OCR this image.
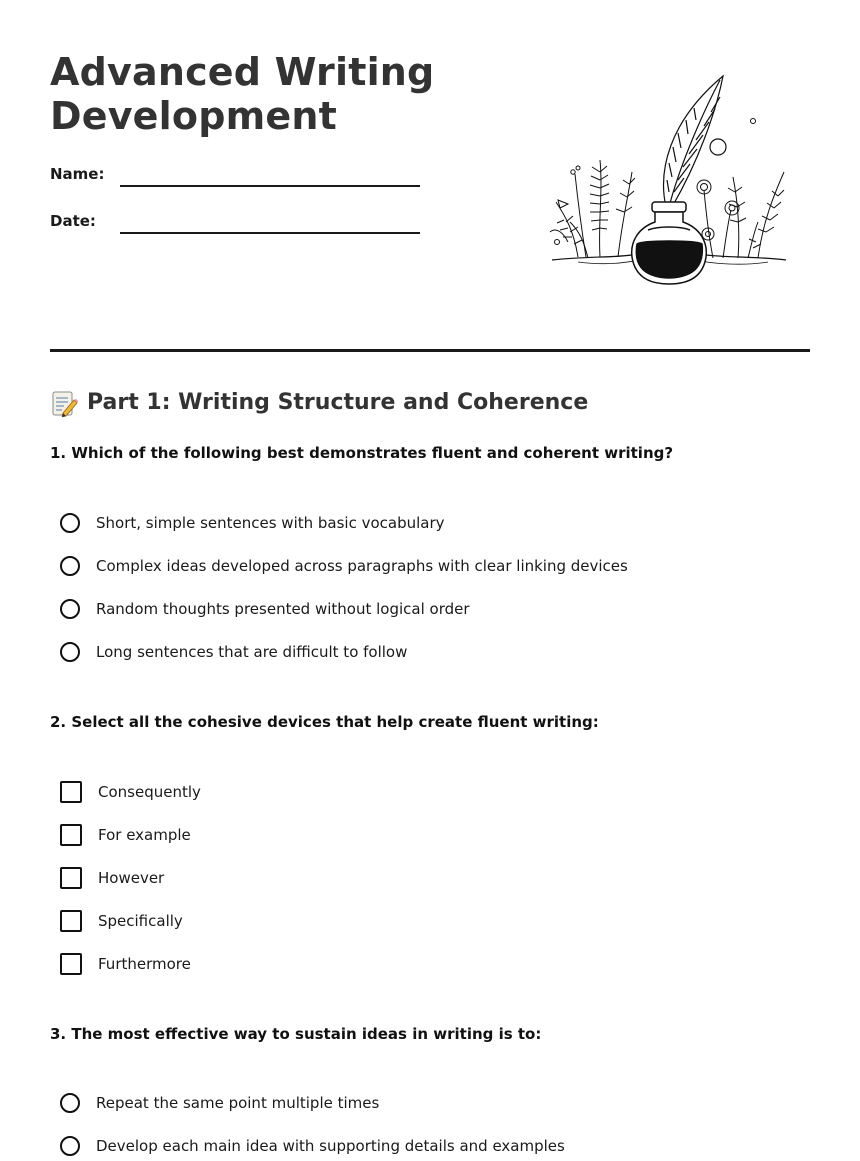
Advanced Writing
Development
Name:
Date:
Part 1: Writing Structure and Coherence

1. Which of the following best demonstrates fluent and coherent writing?

Short, simple sentences with basic vocabulary
Complex ideas developed across paragraphs with clear linking devices
Random thoughts presented without logical order
Long sentences that are difficult to follow

2. Select all the cohesive devices that help create fluent writing:

Consequently
For example
However
Specifically
Furthermore

3. The most effective way to sustain ideas in writing is to:

Repeat the same point multiple times
Develop each main idea with supporting details and examples
